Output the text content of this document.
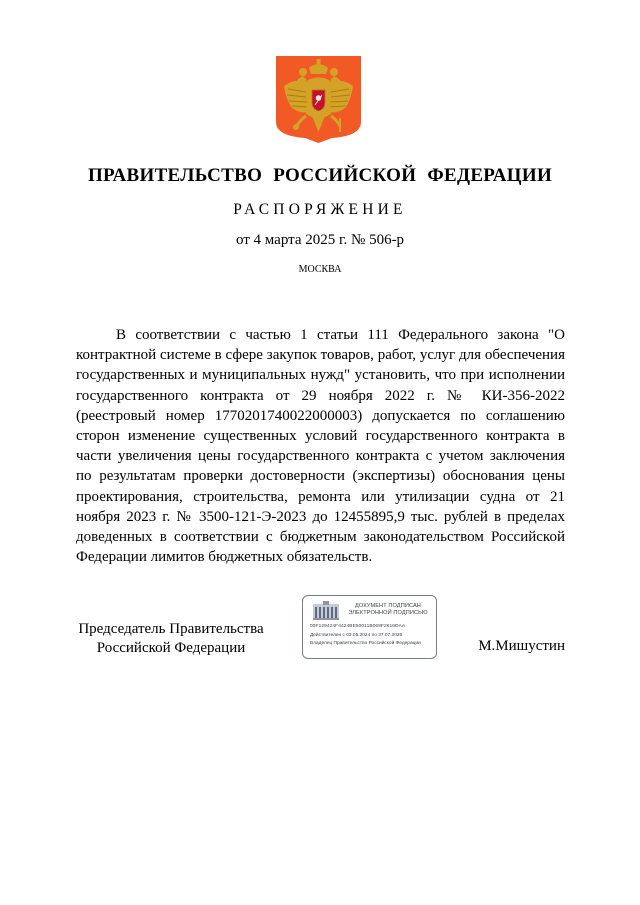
ПРАВИТЕЛЬСТВО РОССИЙСКОЙ ФЕДЕРАЦИИ
РАСПОРЯЖЕНИЕ
от 4 марта 2025 г. № 506-р
МОСКВА

В соответствии с частью 1 статьи 111 Федерального закона "О контрактной системе в сфере закупок товаров, работ, услуг для обеспечения государственных и муниципальных нужд" установить, что при исполнении государственного контракта от 29 ноября 2022 г. № КИ-356-2022 (реестровый номер 1770201740022000003) допускается по соглашению сторон изменение существенных условий государственного контракта в части увеличения цены государственного контракта с учетом заключения по результатам проверки достоверности (экспертизы) обоснования цены проектирования, строительства, ремонта или утилизации судна от 21 ноября 2023 г. № 3500-121-Э-2023 до 12455895,9 тыс. рублей в пределах доведенных в соответствии с бюджетным законодательством Российской Федерации лимитов бюджетных обязательств.

Председатель Правительства
Российской Федерации
ДОКУМЕНТ ПОДПИСАН
ЭЛЕКТРОННОЙ ПОДПИСЬЮ
00F129424F4424BE50011B068F2616DAA
Действителен с 03.05.2024 по 27.07.2025
Владелец Правительство Российской Федерации	М.Мишустин
